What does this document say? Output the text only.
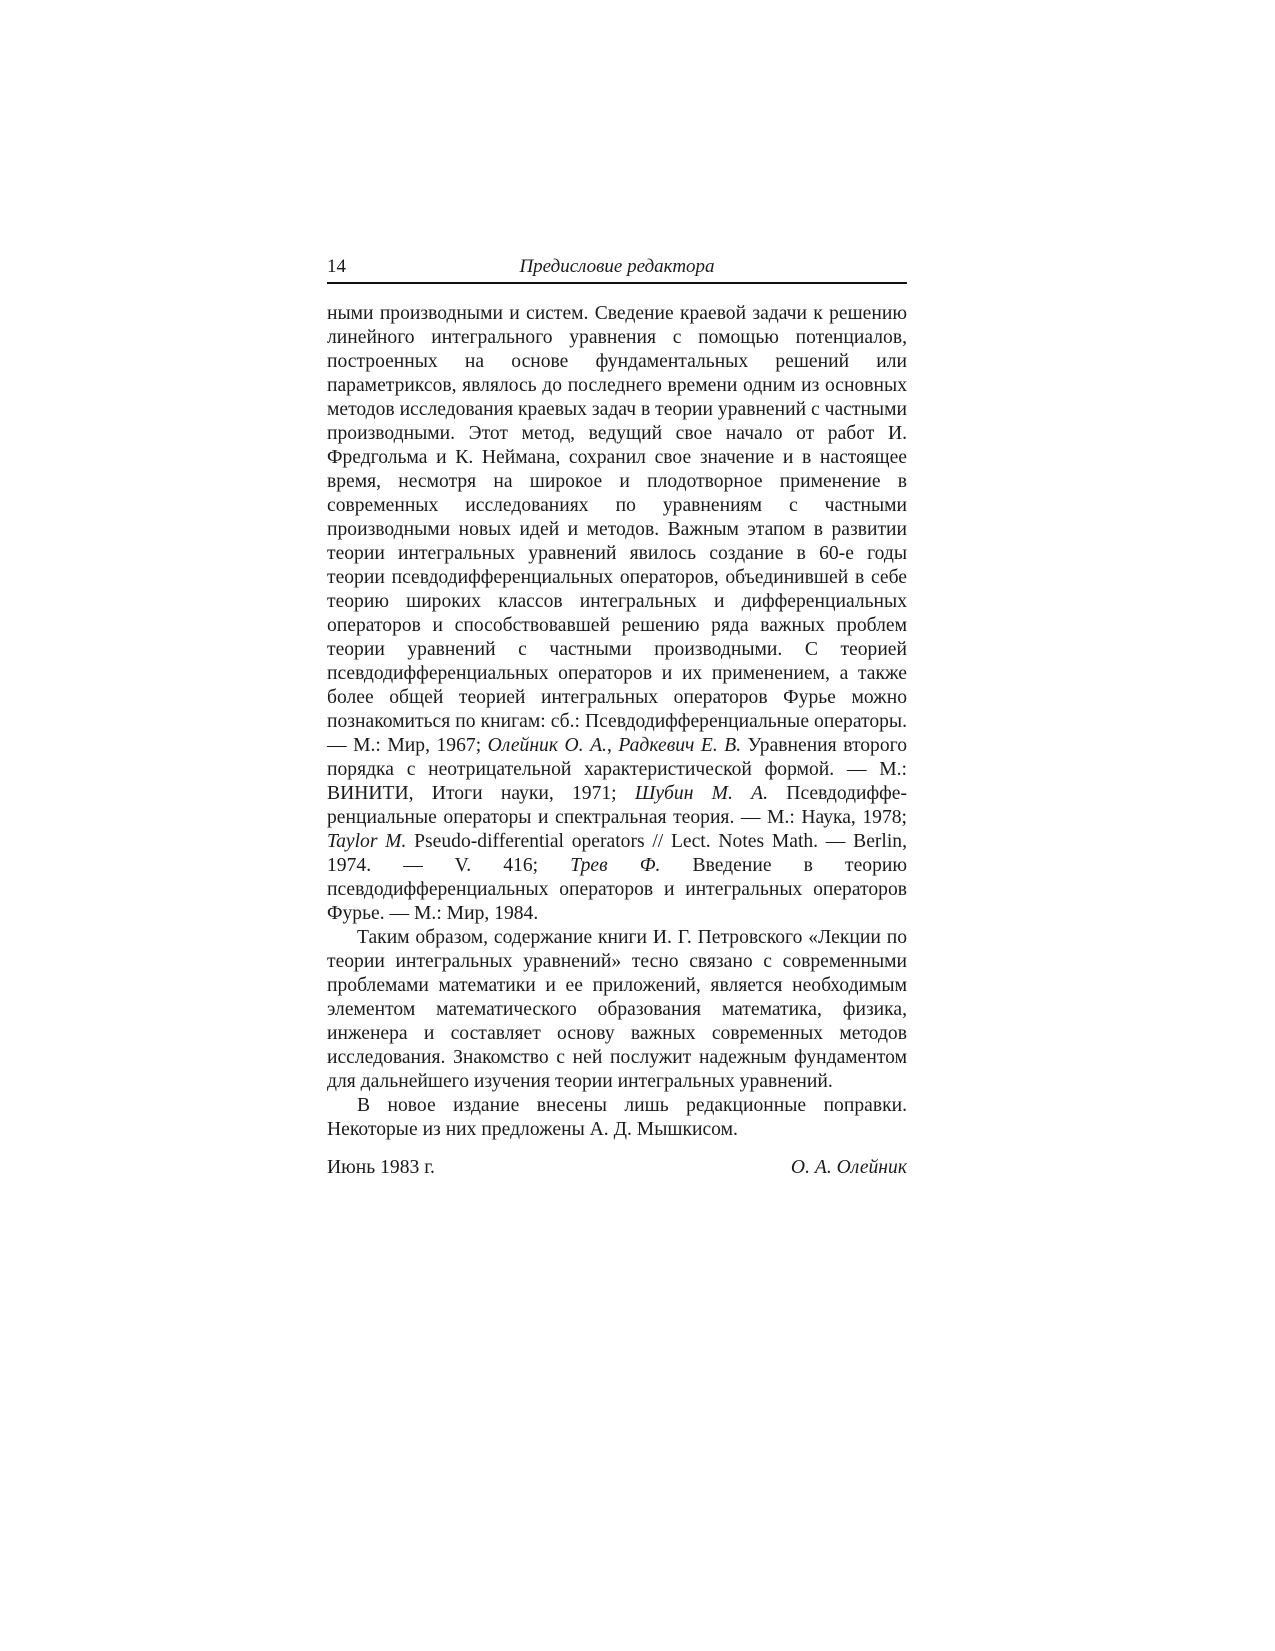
14	Предисловие редактора

ными производными и систем. Сведение краевой задачи к решению линейного интегрального уравнения с помощью потенциалов, построенных на основе фундаментальных решений или параметриксов, являлось до последнего времени одним из основных методов исследования краевых задач в теории уравнений с частными производными. Этот метод, ведущий свое начало от работ И. Фредгольма и К. Неймана, сохранил свое значение и в настоящее время, несмотря на широкое и плодотворное применение в современных исследованиях по уравнениям с частными производными новых идей и методов. Важным этапом в развитии теории интегральных уравнений явилось создание в 60-е годы теории псевдодифференциальных операторов, объединившей в себе теорию широких классов интегральных и дифференциальных операторов и способствовавшей решению ряда важных проблем теории уравнений с частными производными. С теорией псевдодифференциальных операторов и их применением, а также более общей теорией интегральных операторов Фурье можно познакомиться по книгам: сб.: Псевдодифференциальные операторы. — М.: Мир, 1967; Олейник О. А., Радкевич Е. В. Уравнения второго порядка с неотрицательной характеристической формой. — М.: ВИНИТИ, Итоги науки, 1971; Шубин М. А. Псевдодифференциальные операторы и спектральная теория. — М.: Наука, 1978; Taylor M. Pseudo-differential operators // Lect. Notes Math. — Berlin, 1974. — V. 416; Трев Ф. Введение в теорию псевдодифференциальных операторов и интегральных операторов Фурье. — М.: Мир, 1984.

Таким образом, содержание книги И. Г. Петровского «Лекции по теории интегральных уравнений» тесно связано с современными проблемами математики и ее приложений, является необходимым элементом математического образования математика, физика, инженера и составляет основу важных современных методов исследования. Знакомство с ней послужит надежным фундаментом для дальнейшего изучения теории интегральных уравнений.

В новое издание внесены лишь редакционные поправки. Некоторые из них предложены А. Д. Мышкисом.

Июнь 1983 г.	О. А. Олейник
